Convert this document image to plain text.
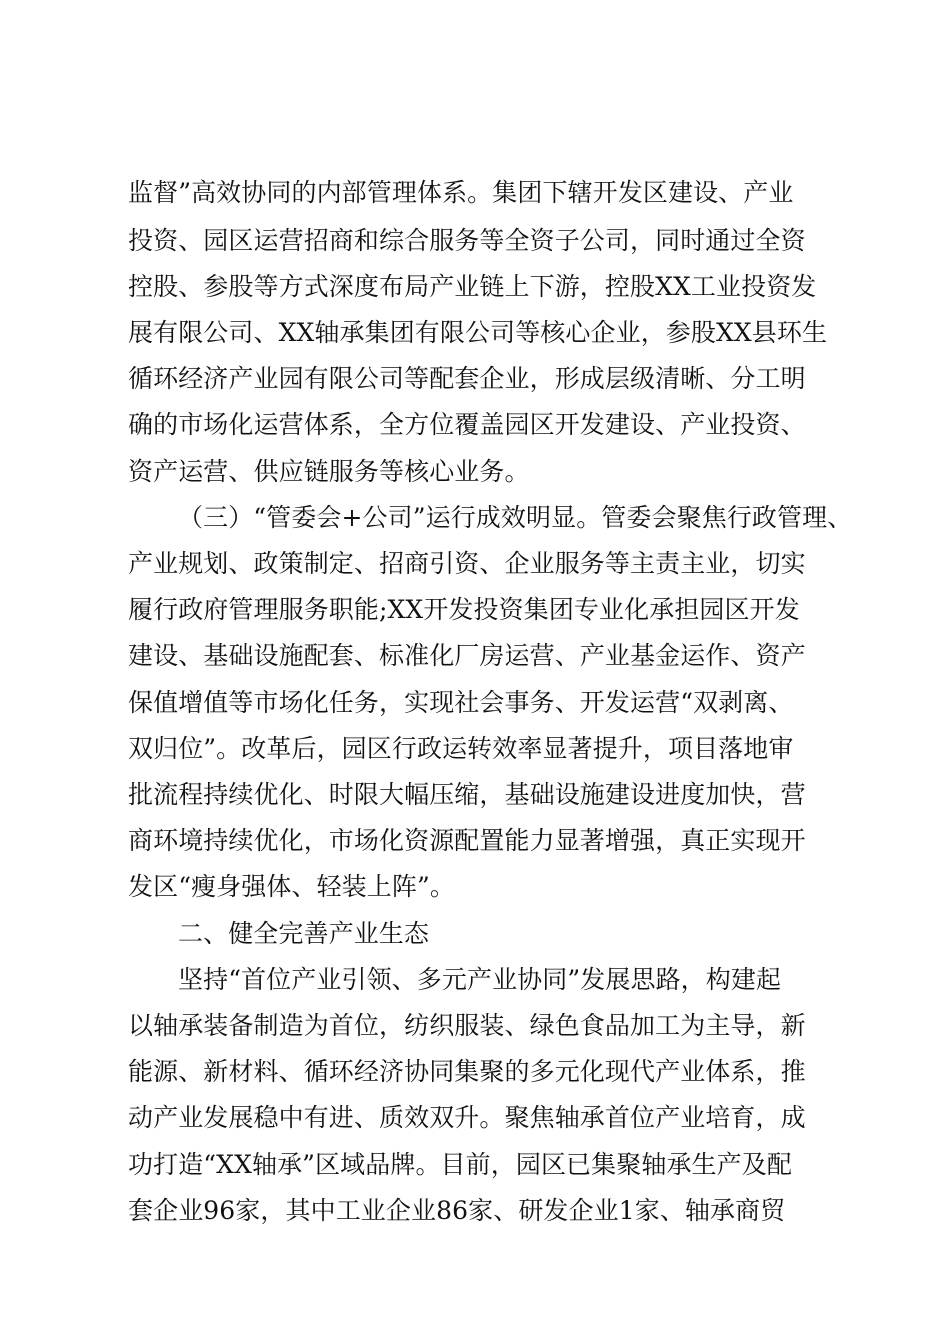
监督”高效协同的内部管理体系。集团下辖开发区建设、产业
投资、园区运营招商和综合服务等全资子公司，同时通过全资
控股、参股等方式深度布局产业链上下游，控股XX工业投资发
展有限公司、XX轴承集团有限公司等核心企业，参股XX县环生
循环经济产业园有限公司等配套企业，形成层级清晰、分工明
确的市场化运营体系，全方位覆盖园区开发建设、产业投资、
资产运营、供应链服务等核心业务。
（三）“管委会+公司”运行成效明显。管委会聚焦行政管理、
产业规划、政策制定、招商引资、企业服务等主责主业，切实
履行政府管理服务职能;XX开发投资集团专业化承担园区开发
建设、基础设施配套、标准化厂房运营、产业基金运作、资产
保值增值等市场化任务，实现社会事务、开发运营“双剥离、
双归位”。改革后，园区行政运转效率显著提升，项目落地审
批流程持续优化、时限大幅压缩，基础设施建设进度加快，营
商环境持续优化，市场化资源配置能力显著增强，真正实现开
发区“瘦身强体、轻装上阵”。
二、健全完善产业生态
坚持“首位产业引领、多元产业协同”发展思路，构建起
以轴承装备制造为首位，纺织服装、绿色食品加工为主导，新
能源、新材料、循环经济协同集聚的多元化现代产业体系，推
动产业发展稳中有进、质效双升。聚焦轴承首位产业培育，成
功打造“XX轴承”区域品牌。目前，园区已集聚轴承生产及配
套企业96家，其中工业企业86家、研发企业1家、轴承商贸
